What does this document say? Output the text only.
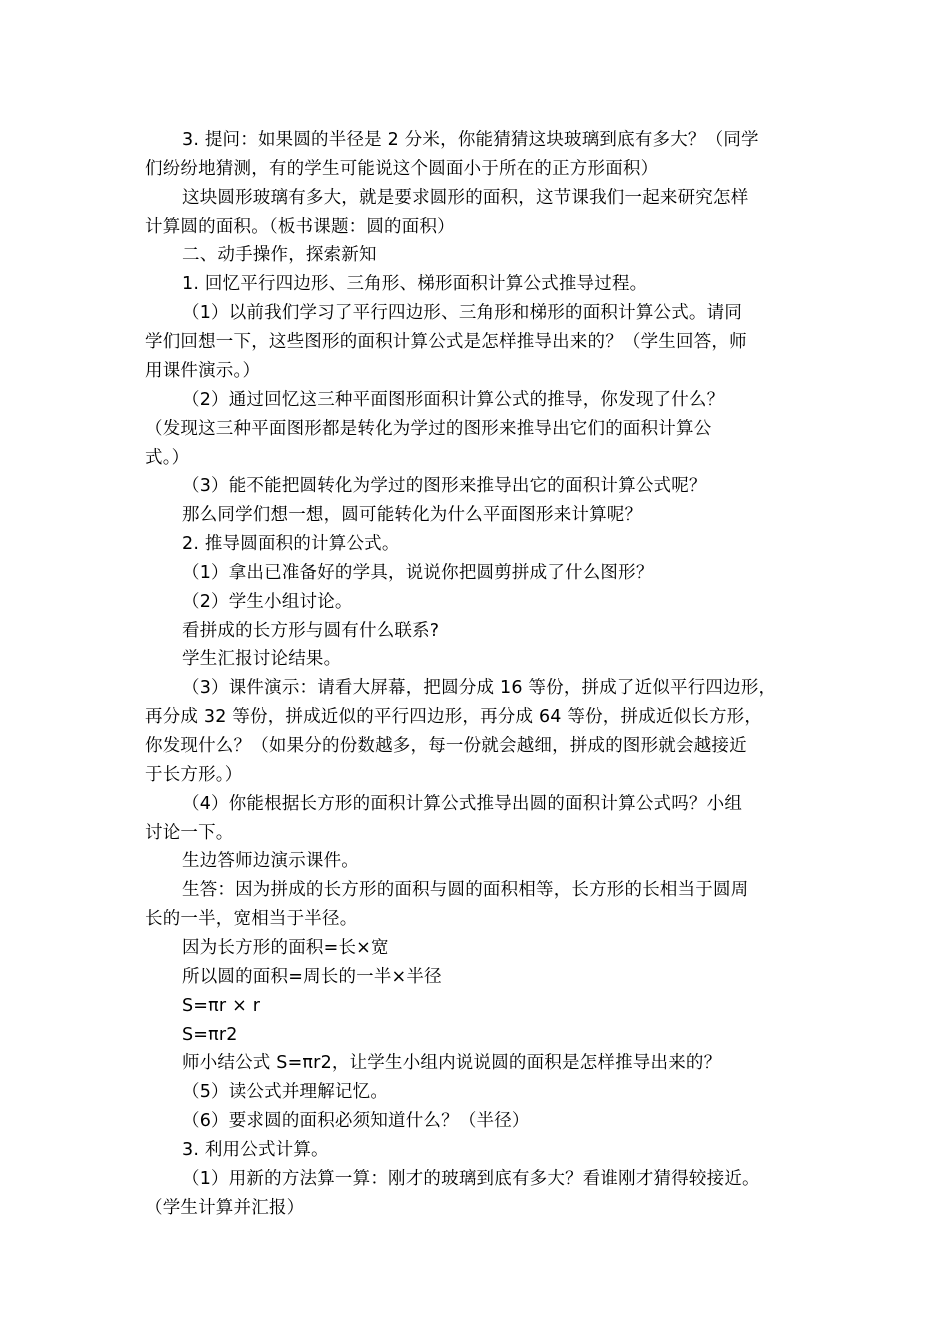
3. 提问：如果圆的半径是 2 分米，你能猜猜这块玻璃到底有多大？（同学
们纷纷地猜测，有的学生可能说这个圆面小于所在的正方形面积）
这块圆形玻璃有多大，就是要求圆形的面积，这节课我们一起来研究怎样
计算圆的面积。（板书课题：圆的面积）
二、动手操作，探索新知
1. 回忆平行四边形、三角形、梯形面积计算公式推导过程。
（1）以前我们学习了平行四边形、三角形和梯形的面积计算公式。请同
学们回想一下，这些图形的面积计算公式是怎样推导出来的？（学生回答，师
用课件演示。）
（2）通过回忆这三种平面图形面积计算公式的推导，你发现了什么？
（发现这三种平面图形都是转化为学过的图形来推导出它们的面积计算公
式。）
（3）能不能把圆转化为学过的图形来推导出它的面积计算公式呢？
那么同学们想一想，圆可能转化为什么平面图形来计算呢？
2. 推导圆面积的计算公式。
（1）拿出已准备好的学具，说说你把圆剪拼成了什么图形？
（2）学生小组讨论。
看拼成的长方形与圆有什么联系?
学生汇报讨论结果。
（3）课件演示：请看大屏幕，把圆分成 16 等份，拼成了近似平行四边形，
再分成 32 等份，拼成近似的平行四边形，再分成 64 等份，拼成近似长方形，
你发现什么？（如果分的份数越多，每一份就会越细，拼成的图形就会越接近
于长方形。）
（4）你能根据长方形的面积计算公式推导出圆的面积计算公式吗？小组
讨论一下。
生边答师边演示课件。
生答：因为拼成的长方形的面积与圆的面积相等，长方形的长相当于圆周
长的一半，宽相当于半径。
因为长方形的面积=长×宽
所以圆的面积=周长的一半×半径
S=πr × r
S=πr2
师小结公式 S=πr2，让学生小组内说说圆的面积是怎样推导出来的？
（5）读公式并理解记忆。
（6）要求圆的面积必须知道什么？（半径）
3. 利用公式计算。
（1）用新的方法算一算：刚才的玻璃到底有多大？看谁刚才猜得较接近。
（学生计算并汇报）
